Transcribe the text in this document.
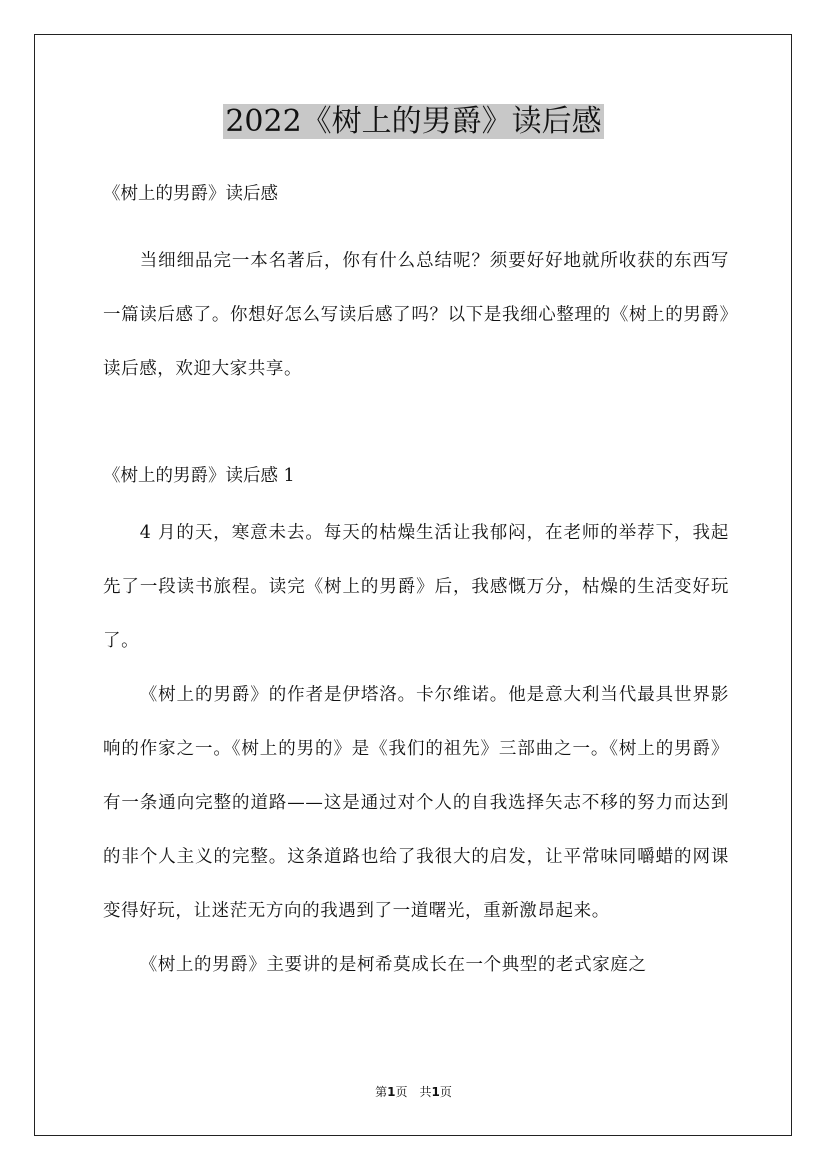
2022《树上的男爵》读后感

《树上的男爵》读后感

当细细品完一本名著后，你有什么总结呢？须要好好地就所收获的东西写一篇读后感了。你想好怎么写读后感了吗？以下是我细心整理的《树上的男爵》读后感，欢迎大家共享。

《树上的男爵》读后感 1

4 月的天，寒意未去。每天的枯燥生活让我郁闷，在老师的举荐下，我起先了一段读书旅程。读完《树上的男爵》后，我感慨万分，枯燥的生活变好玩了。

《树上的男爵》的作者是伊塔洛。卡尔维诺。他是意大利当代最具世界影响的作家之一。《树上的男的》是《我们的祖先》三部曲之一。《树上的男爵》有一条通向完整的道路——这是通过对个人的自我选择矢志不移的努力而达到的非个人主义的完整。这条道路也给了我很大的启发，让平常味同嚼蜡的网课变得好玩，让迷茫无方向的我遇到了一道曙光，重新激昂起来。

《树上的男爵》主要讲的是柯希莫成长在一个典型的老式家庭之

第1页　共1页
